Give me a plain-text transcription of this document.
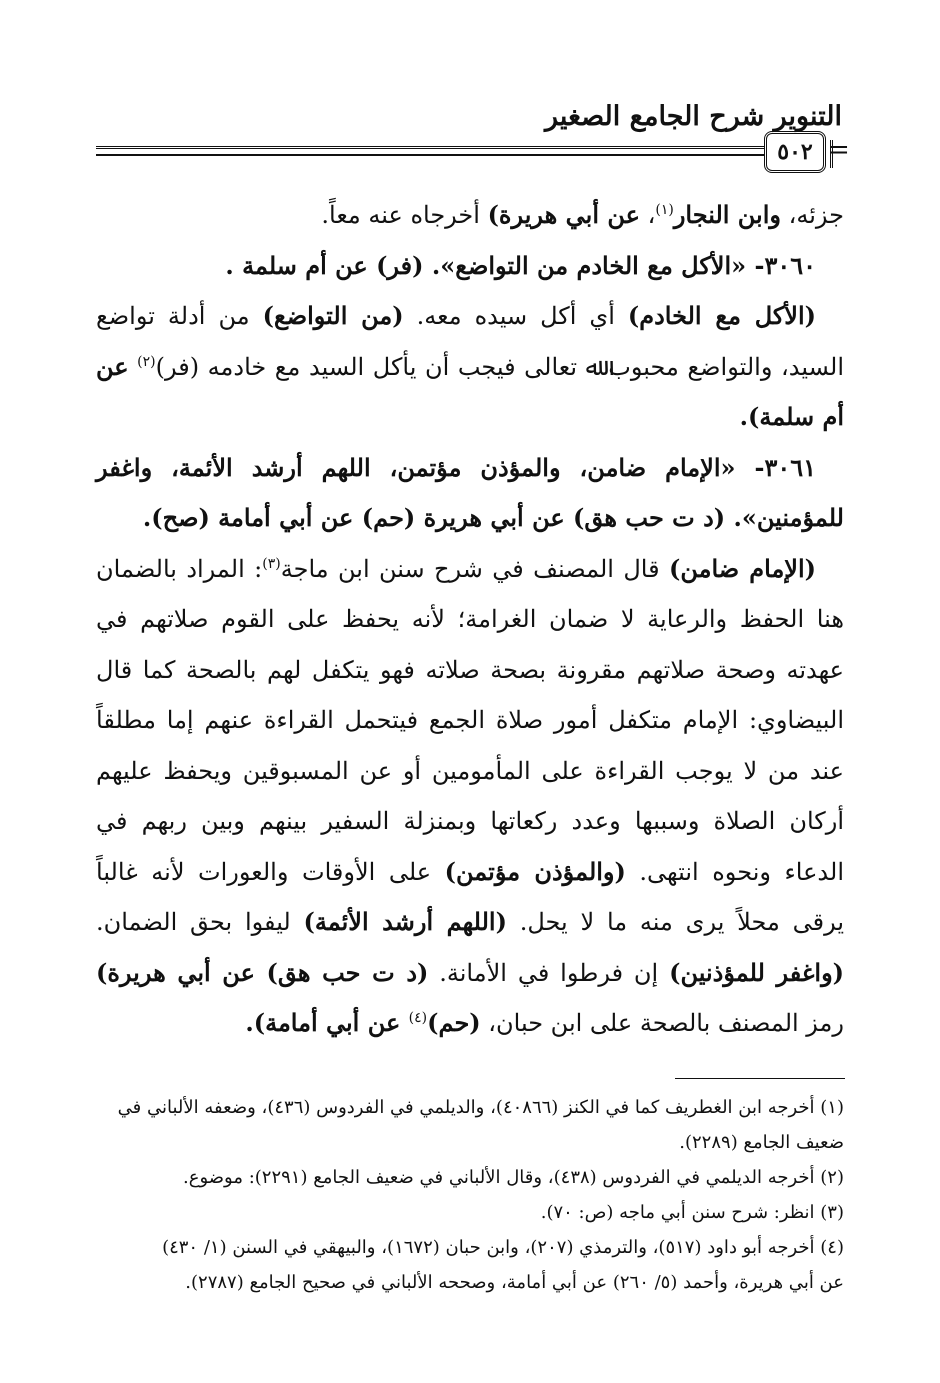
التنوير شرح الجامع الصغير
٥٠٢ =

جزئه، وابن النجار$^{(١)}$، عن أبي هريرة) أخرجاه عنه معاً.

٣٠٦٠- «الأكل مع الخادم من التواضع». (فر) عن أم سلمة .

(الأكل مع الخادم) أي أكل سيده معه. (من التواضع) من أدلة تواضع السيد، والتواضع محبوب ﷲ تعالى فيجب أن يأكل السيد مع خادمه (فر)$^{(٢)}$ عن أم سلمة).

٣٠٦١- «الإمام ضامن، والمؤذن مؤتمن، اللهم أرشد الأئمة، واغفر للمؤمنين». (د ت حب هق) عن أبي هريرة (حم) عن أبي أمامة (صح).

(الإمام ضامن) قال المصنف في شرح سنن ابن ماجة$^{(٣)}$: المراد بالضمان هنا الحفظ والرعاية لا ضمان الغرامة؛ لأنه يحفظ على القوم صلاتهم في عهدته وصحة صلاتهم مقرونة بصحة صلاته فهو يتكفل لهم بالصحة كما قال البيضاوي: الإمام متكفل أمور صلاة الجمع فيتحمل القراءة عنهم إما مطلقاً عند من لا يوجب القراءة على المأمومين أو عن المسبوقين ويحفظ عليهم أركان الصلاة وسببها وعدد ركعاتها وبمنزلة السفير بينهم وبين ربهم في الدعاء ونحوه انتهى. (والمؤذن مؤتمن) على الأوقات والعورات لأنه غالباً يرقى محلاً يرى منه ما لا يحل. (اللهم أرشد الأئمة) ليفوا بحق الضمان. (واغفر للمؤذنين) إن فرطوا في الأمانة. (د ت حب هق) عن أبي هريرة) رمز المصنف بالصحة على ابن حبان، (حم)$^{(٤)}$ عن أبي أمامة).

(١) أخرجه ابن الغطريف كما في الكنز (٤٠٨٦٦)، والديلمي في الفردوس (٤٣٦)، وضعفه الألباني في

ضعيف الجامع (٢٢٨٩).

(٢) أخرجه الديلمي في الفردوس (٤٣٨)، وقال الألباني في ضعيف الجامع (٢٢٩١): موضوع.

(٣) انظر: شرح سنن أبي ماجه (ص: ٧٠).

(٤) أخرجه أبو داود (٥١٧)، والترمذي (٢٠٧)، وابن حبان (١٦٧٢)، والبيهقي في السنن (١/ ٤٣٠)

عن أبي هريرة، وأحمد (٥/ ٢٦٠) عن أبي أمامة، وصححه الألباني في صحيح الجامع (٢٧٨٧).
